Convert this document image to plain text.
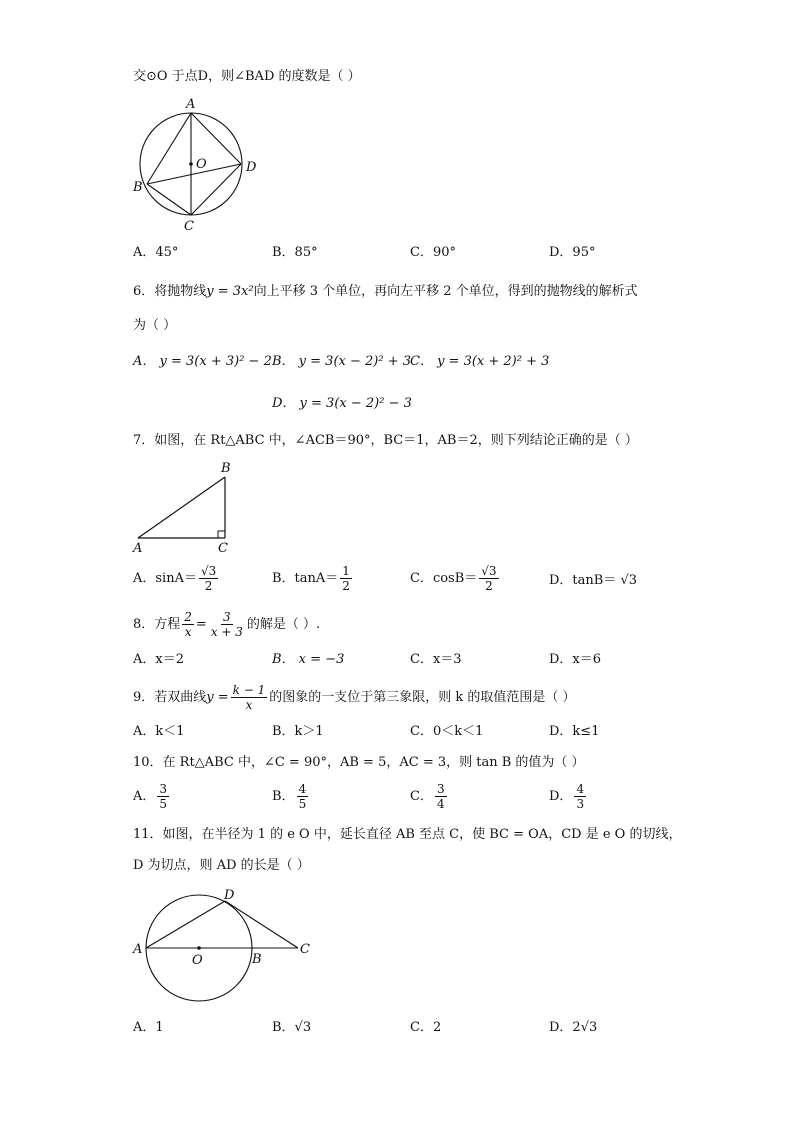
交⊙O 于点D，则∠BAD 的度数是（ ）
A
O	D
B
C
A．45°	B．85°	C．90°	D．95°
6．将抛物线y = 3x²向上平移 3 个单位，再向左平移 2 个单位，得到的抛物线的解析式
为（ ）
A． y = 3(x + 3)² − 2 B． y = 3(x − 2)² + 3
C． y = 3(x + 2)² + 3
D． y = 3(x − 2)² − 3
7．如图，在 Rt△ABC 中，∠ACB＝90°，BC＝1，AB＝2，则下列结论正确的是（ ）
B
A	C
A．$\sin A= \frac{√3}{2}$	B．$\tan A= \frac{1}{2}$	C．$\cos B= \frac{√3}{2}$	D．tanB＝ √3
8．方程 $\frac{2}{x} = \frac{3}{x + 3}$ 的解是（ ）.
A．x＝2	B． x = −3	C．x＝3	D．x＝6
9．若双曲线$y = \frac{k - 1}{x}$ 的图象的一支位于第三象限，则 k 的取值范围是（ ）
A．k＜1	B．k＞1	C．0＜k＜1	D．k≤1
10．在 Rt△ABC 中，∠C = 90°，AB = 5，AC = 3，则 tan B 的值为（ ）
A． $\frac{3}{5}$	B． $\frac{4}{5}$	C． $\frac{3}{4}$	D． $\frac{4}{3}$
11．如图，在半径为 1 的 e O 中，延长直径 AB 至点 C，使 BC = OA，CD 是 e O 的切线，
D 为切点，则 AD 的长是（ ）
D
A
O	B
C
A．1	B．√3	C．2	D．2√3
